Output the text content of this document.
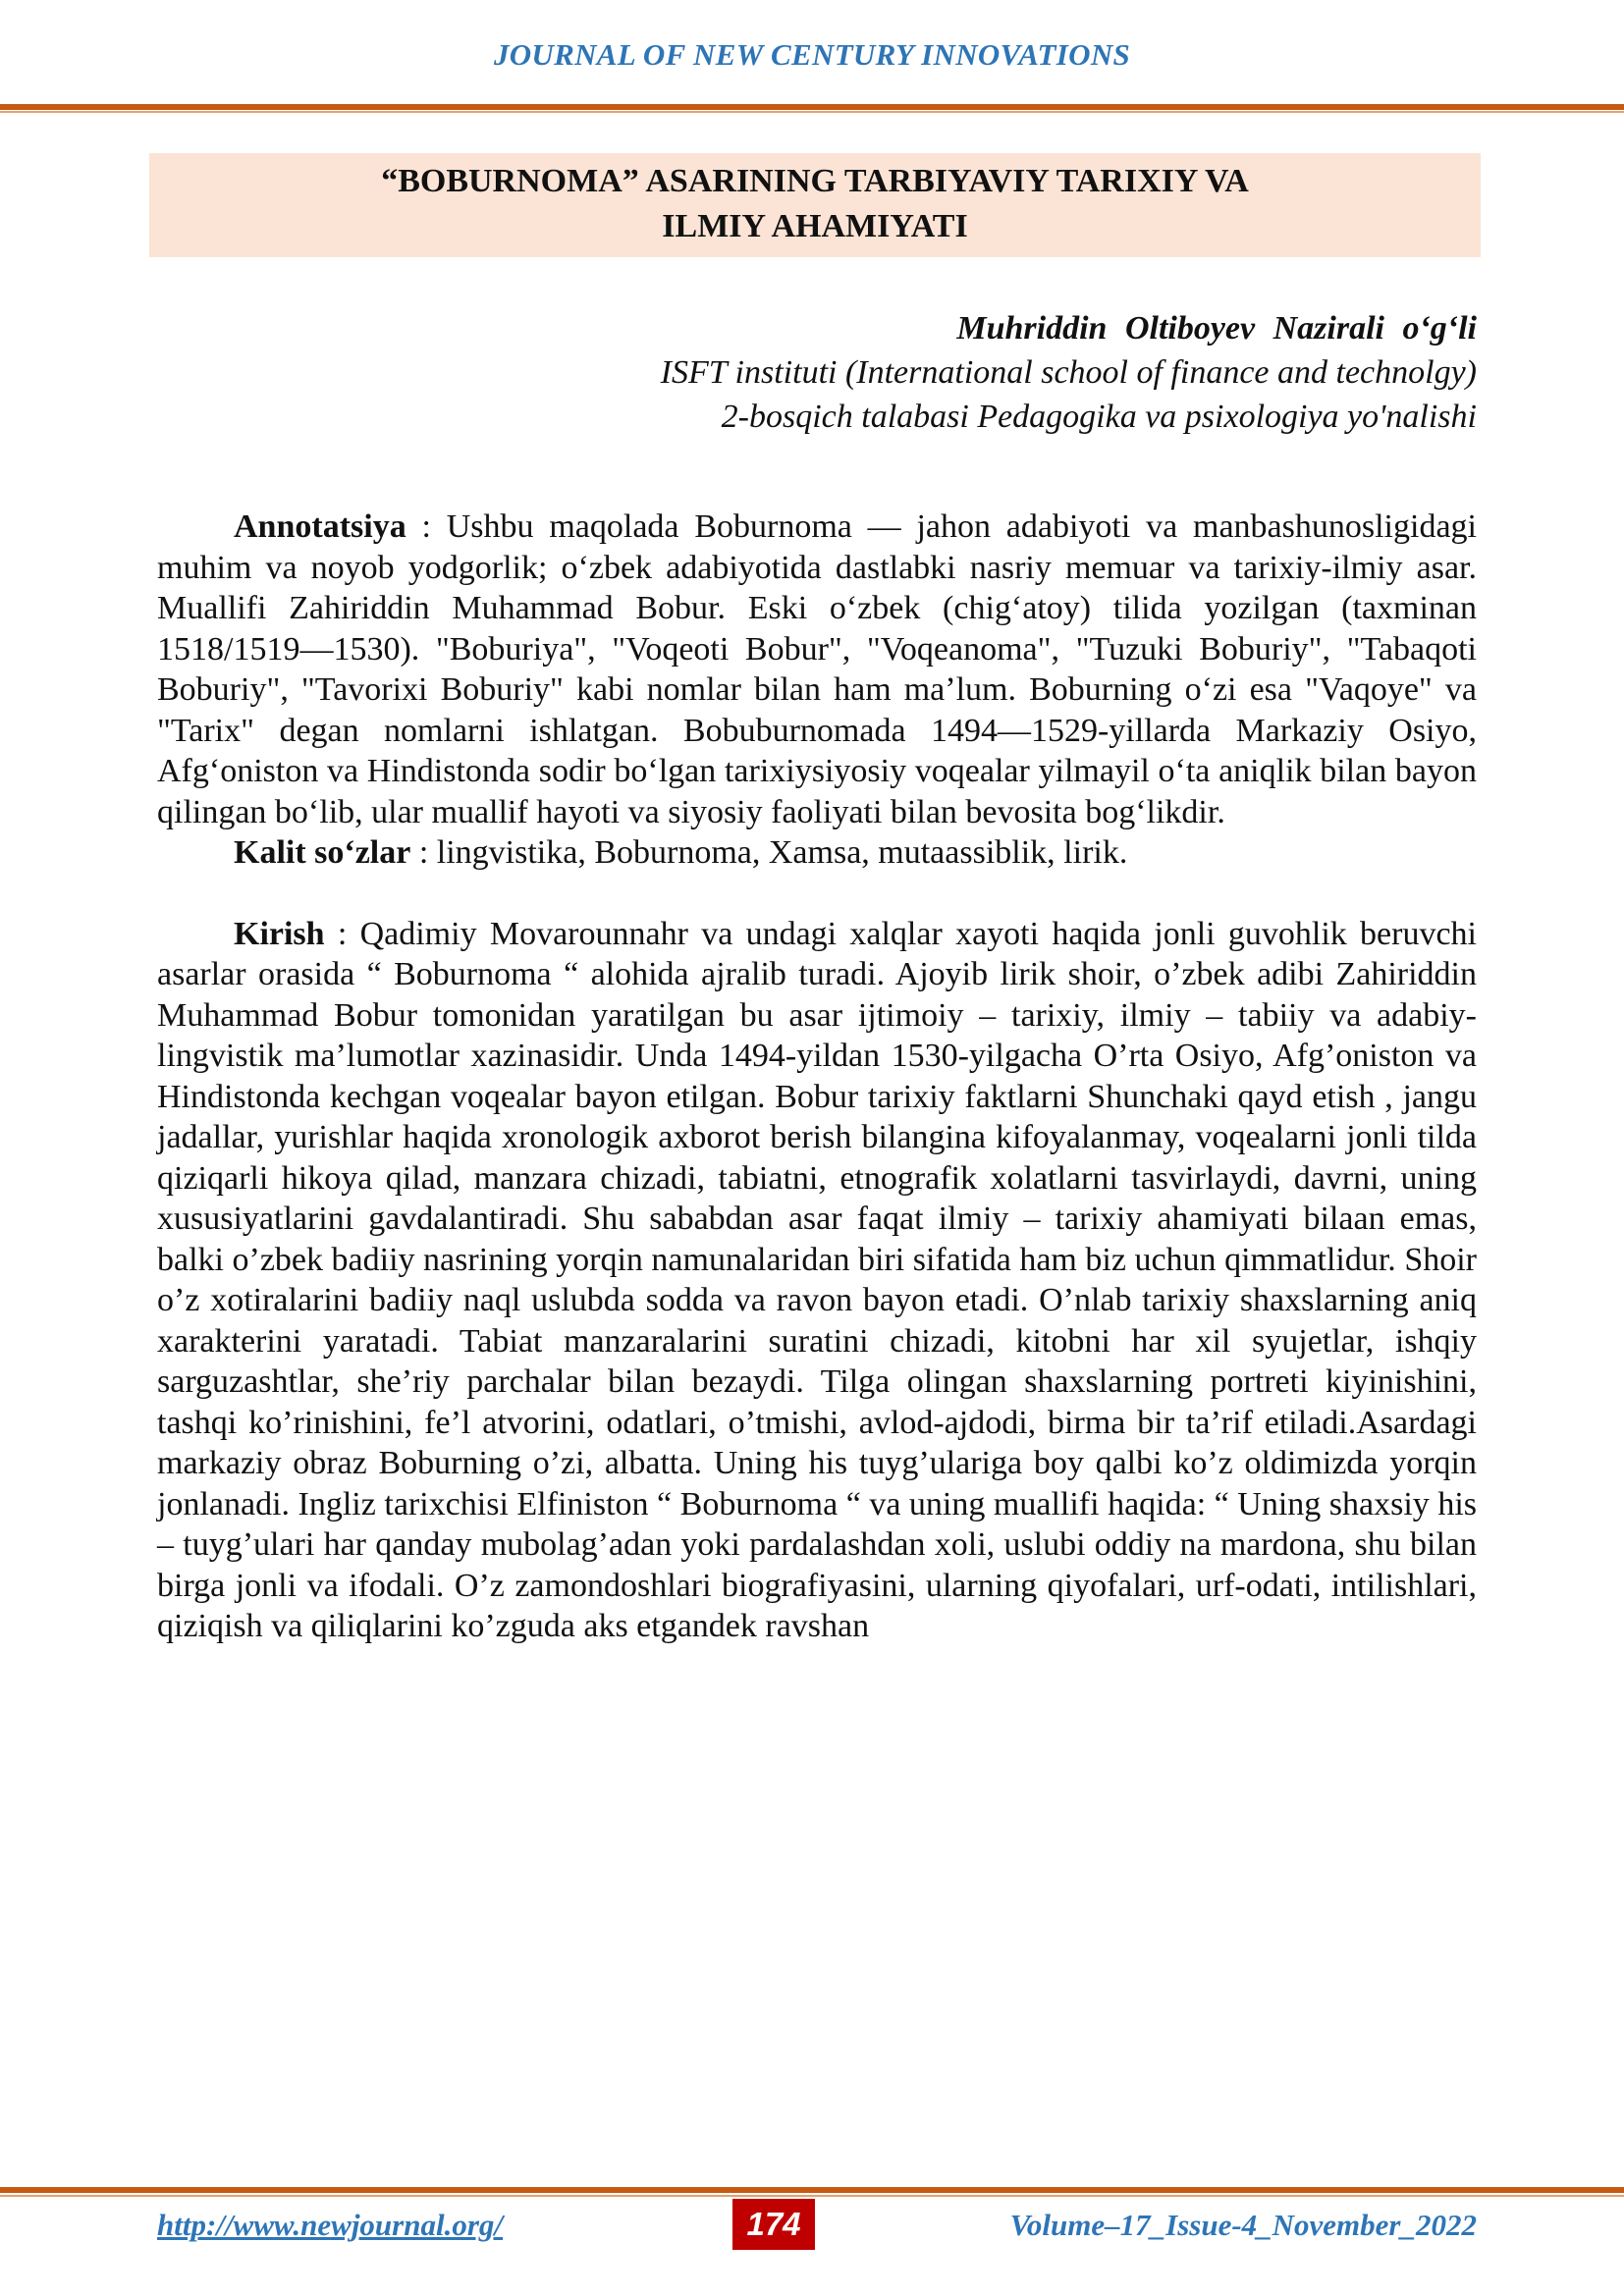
JOURNAL OF NEW CENTURY INNOVATIONS
“BOBURNOMA” ASARINING TARBIYAVIY TARIXIY VA
ILMIY AHAMIYATI
Muhriddin Oltiboyev Nazirali o‘g‘li
ISFT instituti (International school of finance and technolgy)
2-bosqich talabasi Pedagogika va psixologiya yo'nalishi

Annotatsiya : Ushbu maqolada Boburnoma — jahon adabiyoti va manbashunosligidagi muhim va noyob yodgorlik; oʻzbek adabiyotida dastlabki nasriy memuar va tarixiy-ilmiy asar. Muallifi Zahiriddin Muhammad Bobur. Eski oʻzbek (chigʻatoy) tilida yozilgan (taxminan 1518/1519—1530). "Boburiya", "Voqeoti Bobur", "Voqeanoma", "Tuzuki Boburiy", "Tabaqoti Boburiy", "Tavorixi Boburiy" kabi nomlar bilan ham maʼlum. Boburning oʻzi esa "Vaqoye" va "Tarix" degan nomlarni ishlatgan. Bobuburnomada 1494—1529-yillarda Markaziy Osiyo, Afgʻoniston va Hindistonda sodir boʻlgan tarixiysiyosiy voqealar yilmayil oʻta aniqlik bilan bayon qilingan boʻlib, ular muallif hayoti va siyosiy faoliyati bilan bevosita bogʻlikdir.

Kalit so‘zlar : lingvistika, Boburnoma, Xamsa, mutaassiblik, lirik.

Kirish : Qadimiy Movarounnahr va undagi xalqlar xayoti haqida jonli guvohlik beruvchi asarlar orasida “ Boburnoma “ alohida ajralib turadi. Ajoyib lirik shoir, o’zbek adibi Zahiriddin Muhammad Bobur tomonidan yaratilgan bu asar ijtimoiy – tarixiy, ilmiy – tabiiy va adabiy- lingvistik ma’lumotlar xazinasidir. Unda 1494-yildan 1530-yilgacha O’rta Osiyo, Afg’oniston va Hindistonda kechgan voqealar bayon etilgan. Bobur tarixiy faktlarni Shunchaki qayd etish , jangu jadallar, yurishlar haqida xronologik axborot berish bilangina kifoyalanmay, voqealarni jonli tilda qiziqarli hikoya qilad, manzara chizadi, tabiatni, etnografik xolatlarni tasvirlaydi, davrni, uning xususiyatlarini gavdalantiradi. Shu sababdan asar faqat ilmiy – tarixiy ahamiyati bilaan emas, balki o’zbek badiiy nasrining yorqin namunalaridan biri sifatida ham biz uchun qimmatlidur. Shoir o’z xotiralarini badiiy naql uslubda sodda va ravon bayon etadi. O’nlab tarixiy shaxslarning aniq xarakterini yaratadi. Tabiat manzaralarini suratini chizadi, kitobni har xil syujetlar, ishqiy sarguzashtlar, she’riy parchalar bilan bezaydi. Tilga olingan shaxslarning portreti kiyinishini, tashqi ko’rinishini, fe’l atvorini, odatlari, o’tmishi, avlod-ajdodi, birma bir ta’rif etiladi.Asardagi markaziy obraz Boburning o’zi, albatta. Uning his tuyg’ulariga boy qalbi ko’z oldimizda yorqin jonlanadi. Ingliz tarixchisi Elfiniston “ Boburnoma “ va uning muallifi haqida: “ Uning shaxsiy his – tuyg’ulari har qanday mubolag’adan yoki pardalashdan xoli, uslubi oddiy na mardona, shu bilan birga jonli va ifodali. O’z zamondoshlari biografiyasini, ularning qiyofalari, urf-odati, intilishlari, qiziqish va qiliqlarini ko’zguda aks etgandek ravshan

http://www.newjournal.org/	174	Volume–17_Issue-4_November_2022
